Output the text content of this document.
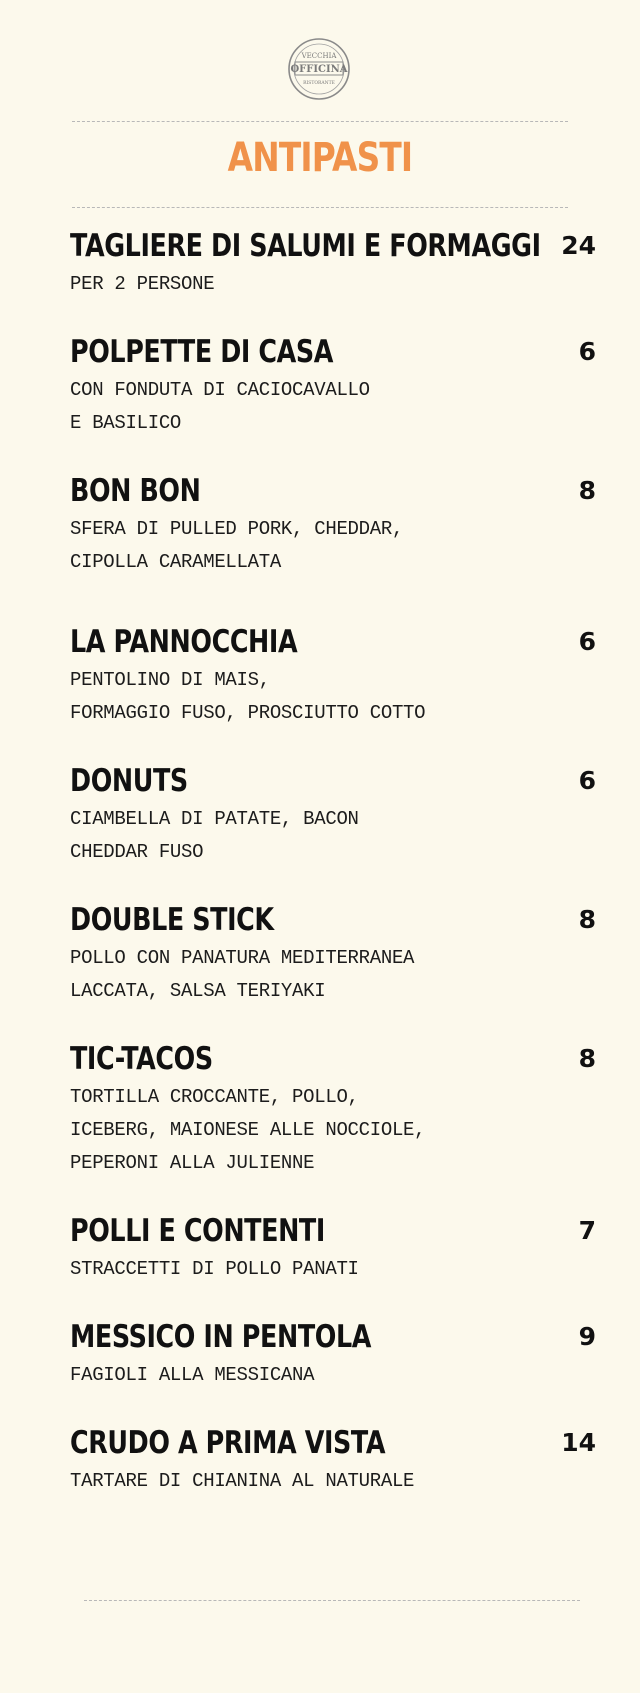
VECCHIA
OFFICINA
RISTORANTE
ANTIPASTI
TAGLIERE DI SALUMI E FORMAGGI 24
PER 2 PERSONE
POLPETTE DI CASA	6
CON FONDUTA DI CACIOCAVALLO
E BASILICO
BON BON	8
SFERA DI PULLED PORK, CHEDDAR,
CIPOLLA CARAMELLATA
LA PANNOCCHIA	6
PENTOLINO DI MAIS,
FORMAGGIO FUSO, PROSCIUTTO COTTO
DONUTS	6
CIAMBELLA DI PATATE, BACON
CHEDDAR FUSO
DOUBLE STICK	8
POLLO CON PANATURA MEDITERRANEA
LACCATA, SALSA TERIYAKI
TIC-TACOS	8
TORTILLA CROCCANTE, POLLO,
ICEBERG, MAIONESE ALLE NOCCIOLE,
PEPERONI ALLA JULIENNE
POLLI E CONTENTI	7
STRACCETTI DI POLLO PANATI
MESSICO IN PENTOLA	9
FAGIOLI ALLA MESSICANA
CRUDO A PRIMA VISTA	14
TARTARE DI CHIANINA AL NATURALE
